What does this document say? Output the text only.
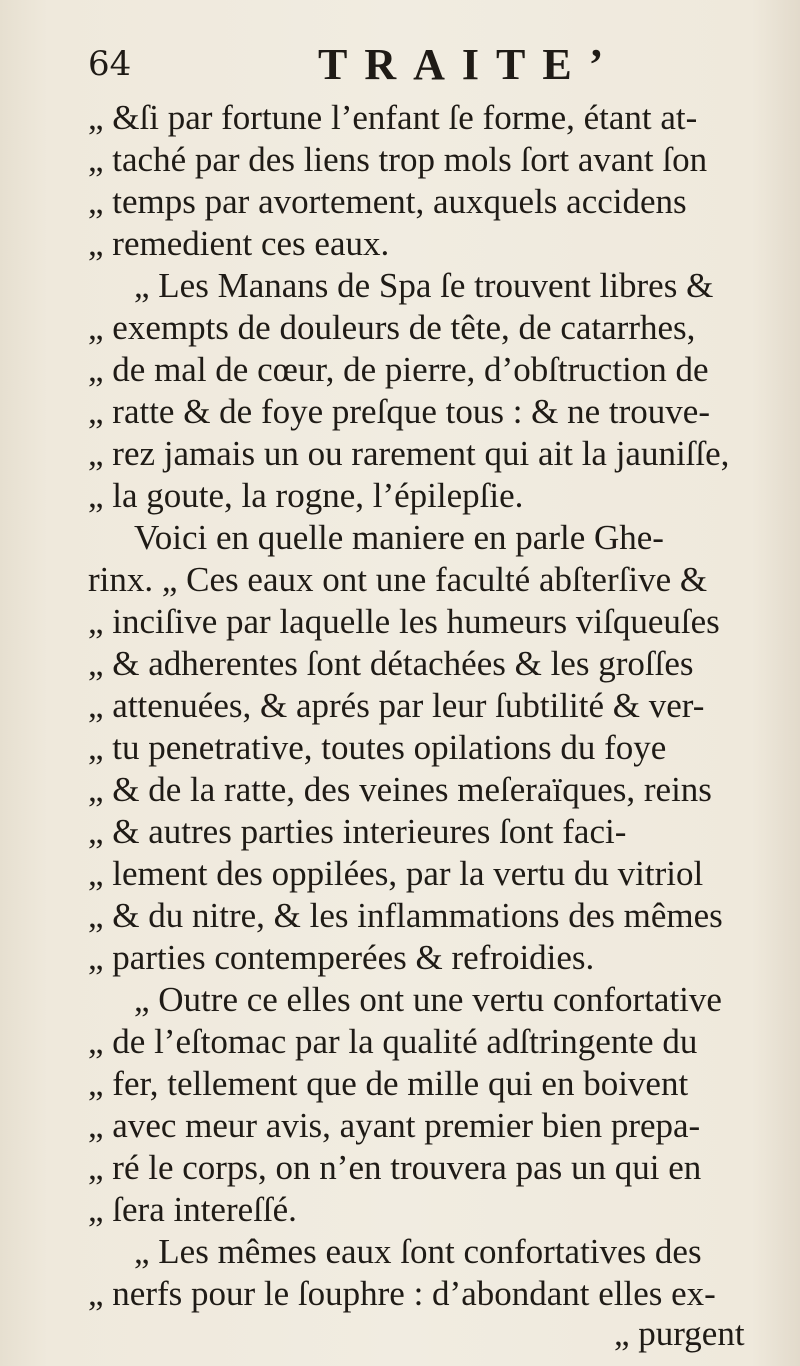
64	TRAITE’
„ &ſi par fortune l’enfant ſe forme, étant at-
„ taché par des liens trop mols ſort avant ſon
„ temps par avortement, auxquels accidens
„ remedient ces eaux.
„ Les Manans de Spa ſe trouvent libres &
„ exempts de douleurs de tête, de catarrhes,
„ de mal de cœur, de pierre, d’obſtruction de
„ ratte & de foye preſque tous : & ne trouve-
„ rez jamais un ou rarement qui ait la jauniſſe,
„ la goute, la rogne, l’épilepſie.
Voici en quelle maniere en parle Ghe-
rinx. „ Ces eaux ont une faculté abſterſive &
„ inciſive par laquelle les humeurs viſqueuſes
„ & adherentes ſont détachées & les groſſes
„ attenuées, & aprés par leur ſubtilité & ver-
„ tu penetrative, toutes opilations du foye
„ & de la ratte, des veines meſeraïques, reins
„ & autres parties interieures ſont faci-
„ lement des oppilées, par la vertu du vitriol
„ & du nitre, & les inflammations des mêmes
„ parties contemperées & refroidies.
„ Outre ce elles ont une vertu confortative
„ de l’eſtomac par la qualité adſtringente du
„ fer, tellement que de mille qui en boivent
„ avec meur avis, ayant premier bien prepa-
„ ré le corps, on n’en trouvera pas un qui en
„ ſera intereſſé.
„ Les mêmes eaux ſont confortatives des
„ nerfs pour le ſouphre : d’abondant elles ex-
„ purgent
